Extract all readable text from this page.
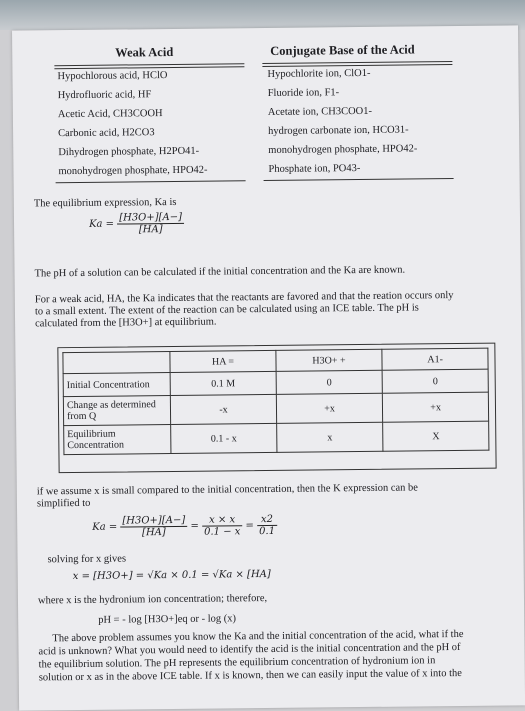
Weak Acid	Conjugate Base of the Acid
Hypochlorous acid, HClO	Hypochlorite ion, ClO1-
Hydrofluoric acid, HF	Fluoride ion, F1-
Acetic Acid, CH3COOH	Acetate ion, CH3COO1-
Carbonic acid, H2CO3	hydrogen carbonate ion, HCO31-
Dihydrogen phosphate, H2PO41-	monohydrogen phosphate, HPO42-
monohydrogen phosphate, HPO42-	Phosphate ion, PO43-
The equilibrium expression, Ka is
$Ka = \frac{[H3O+][A-]}{[HA]}$
The pH of a solution can be calculated if the initial concentration and the Ka are known.
For a weak acid, HA, the Ka indicates that the reactants are favored and that the reation occurs only
to a small extent. The extent of the reaction can be calculated using an ICE table. The pH is
calculated from the [H3O+] at equilibrium.
	HA =	H3O+ +	A1-
Initial Concentration	0.1 M	0	0
Change as determined from Q	-x	+x	+x
Equilibrium Concentration	0.1 - x	x	X
if we assume x is small compared to the initial concentration, then the K expression can be
simplified to
$Ka = \frac{[H3O+][A-]}{[HA]} = \frac{x \times x}{0.1 - x} = \frac{x2}{0.1}$
solving for x gives
x = [H3O+] = √Ka × 0.1 = √Ka × [HA]
where x is the hydronium ion concentration; therefore,
pH = - log [H3O+]eq or - log (x)
The above problem assumes you know the Ka and the initial concentration of the acid, what if the
acid is unknown? What you would need to identify the acid is the initial concentration and the pH of
the equilibrium solution. The pH represents the equilibrium concentration of hydronium ion in
solution or x as in the above ICE table. If x is known, then we can easily input the value of x into the
